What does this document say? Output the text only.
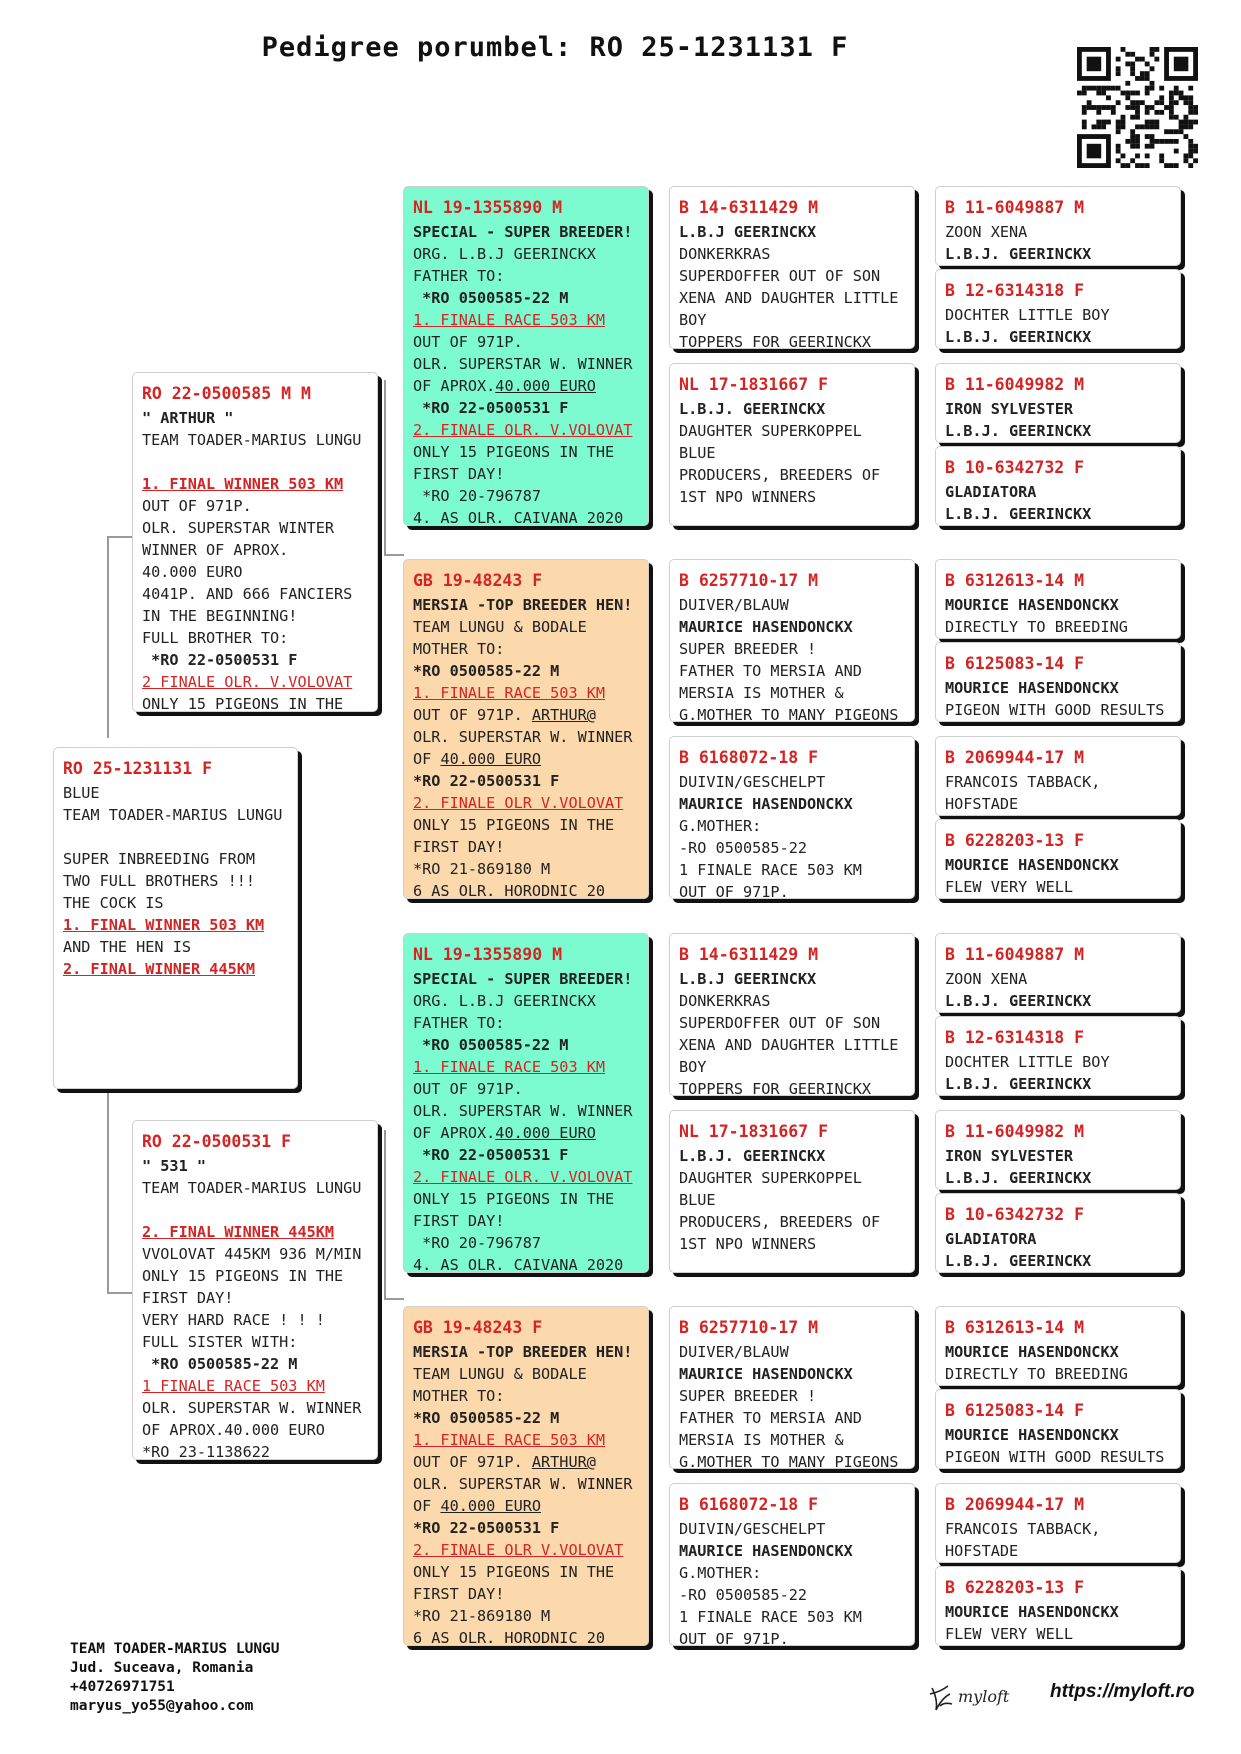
Pedigree porumbel: RO 25-1231131 F
RO 25-1231131 F
BLUE
TEAM TOADER-MARIUS LUNGU
SUPER INBREEDING FROM
TWO FULL BROTHERS !!!
THE COCK IS
1. FINAL WINNER 503 KM
AND THE HEN IS
2. FINAL WINNER 445KM
RO 22-0500585 M M
" ARTHUR "
TEAM TOADER-MARIUS LUNGU
1. FINAL WINNER 503 KM
OUT OF 971P.
OLR. SUPERSTAR WINTER
WINNER OF APROX.
40.000 EURO
4041P. AND 666 FANCIERS
IN THE BEGINNING!
FULL BROTHER TO:
*RO 22-0500531 F
2 FINALE OLR. V.VOLOVAT
ONLY 15 PIGEONS IN THE
RO 22-0500531 F
" 531 "
TEAM TOADER-MARIUS LUNGU
2. FINAL WINNER 445KM
VVOLOVAT 445KM 936 M/MIN
ONLY 15 PIGEONS IN THE
FIRST DAY!
VERY HARD RACE ! ! !
FULL SISTER WITH:
*RO 0500585-22 M
1 FINALE RACE 503 KM
OLR. SUPERSTAR W. WINNER
OF APROX.40.000 EURO
*RO 23-1138622
NL 19-1355890 M
SPECIAL - SUPER BREEDER!
ORG. L.B.J GEERINCKX
FATHER TO:
*RO 0500585-22 M
1. FINALE RACE 503 KM
OUT OF 971P.
OLR. SUPERSTAR W. WINNER
OF APROX.40.000 EURO
*RO 22-0500531 F
2. FINALE OLR. V.VOLOVAT
ONLY 15 PIGEONS IN THE
FIRST DAY!
*RO 20-796787
4. AS OLR. CAIVANA 2020
GB 19-48243 F
MERSIA -TOP BREEDER HEN!
TEAM LUNGU & BODALE
MOTHER TO:
*RO 0500585-22 M
1. FINALE RACE 503 KM
OUT OF 971P. ARTHUR@
OLR. SUPERSTAR W. WINNER
OF 40.000 EURO
*RO 22-0500531 F
2. FINALE OLR V.VOLOVAT
ONLY 15 PIGEONS IN THE
FIRST DAY!
*RO 21-869180 M
6 AS OLR. HORODNIC 20
NL 19-1355890 M
SPECIAL - SUPER BREEDER!
ORG. L.B.J GEERINCKX
FATHER TO:
*RO 0500585-22 M
1. FINALE RACE 503 KM
OUT OF 971P.
OLR. SUPERSTAR W. WINNER
OF APROX.40.000 EURO
*RO 22-0500531 F
2. FINALE OLR. V.VOLOVAT
ONLY 15 PIGEONS IN THE
FIRST DAY!
*RO 20-796787
4. AS OLR. CAIVANA 2020
GB 19-48243 F
MERSIA -TOP BREEDER HEN!
TEAM LUNGU & BODALE
MOTHER TO:
*RO 0500585-22 M
1. FINALE RACE 503 KM
OUT OF 971P. ARTHUR@
OLR. SUPERSTAR W. WINNER
OF 40.000 EURO
*RO 22-0500531 F
2. FINALE OLR V.VOLOVAT
ONLY 15 PIGEONS IN THE
FIRST DAY!
*RO 21-869180 M
6 AS OLR. HORODNIC 20
B 14-6311429 M
L.B.J GEERINCKX
DONKERKRAS
SUPERDOFFER OUT OF SON
XENA AND DAUGHTER LITTLE
BOY
TOPPERS FOR GEERINCKX
NL 17-1831667 F
L.B.J. GEERINCKX
DAUGHTER SUPERKOPPEL
BLUE
PRODUCERS, BREEDERS OF
1ST NPO WINNERS
B 6257710-17 M
DUIVER/BLAUW
MAURICE HASENDONCKX
SUPER BREEDER !
FATHER TO MERSIA AND
MERSIA IS MOTHER &
G.MOTHER TO MANY PIGEONS
B 6168072-18 F
DUIVIN/GESCHELPT
MAURICE HASENDONCKX
G.MOTHER:
-RO 0500585-22
1 FINALE RACE 503 KM
OUT OF 971P.
B 14-6311429 M
L.B.J GEERINCKX
DONKERKRAS
SUPERDOFFER OUT OF SON
XENA AND DAUGHTER LITTLE
BOY
TOPPERS FOR GEERINCKX
NL 17-1831667 F
L.B.J. GEERINCKX
DAUGHTER SUPERKOPPEL
BLUE
PRODUCERS, BREEDERS OF
1ST NPO WINNERS
B 6257710-17 M
DUIVER/BLAUW
MAURICE HASENDONCKX
SUPER BREEDER !
FATHER TO MERSIA AND
MERSIA IS MOTHER &
G.MOTHER TO MANY PIGEONS
B 6168072-18 F
DUIVIN/GESCHELPT
MAURICE HASENDONCKX
G.MOTHER:
-RO 0500585-22
1 FINALE RACE 503 KM
OUT OF 971P.
B 11-6049887 M
ZOON XENA
L.B.J. GEERINCKX
B 12-6314318 F
DOCHTER LITTLE BOY
L.B.J. GEERINCKX
B 11-6049982 M
IRON SYLVESTER
L.B.J. GEERINCKX
B 10-6342732 F
GLADIATORA
L.B.J. GEERINCKX
B 6312613-14 M
MOURICE HASENDONCKX
DIRECTLY TO BREEDING
B 6125083-14 F
MOURICE HASENDONCKX
PIGEON WITH GOOD RESULTS
B 2069944-17 M
FRANCOIS TABBACK,
HOFSTADE
B 6228203-13 F
MOURICE HASENDONCKX
FLEW VERY WELL
B 11-6049887 M
ZOON XENA
L.B.J. GEERINCKX
B 12-6314318 F
DOCHTER LITTLE BOY
L.B.J. GEERINCKX
B 11-6049982 M
IRON SYLVESTER
L.B.J. GEERINCKX
B 10-6342732 F
GLADIATORA
L.B.J. GEERINCKX
B 6312613-14 M
MOURICE HASENDONCKX
DIRECTLY TO BREEDING
B 6125083-14 F
MOURICE HASENDONCKX
PIGEON WITH GOOD RESULTS
B 2069944-17 M
FRANCOIS TABBACK,
HOFSTADE
B 6228203-13 F
MOURICE HASENDONCKX
FLEW VERY WELL
TEAM TOADER-MARIUS LUNGU
Jud. Suceava, Romania
+40726971751
maryus_yo55@yahoo.com	myloft https://myloft.ro
